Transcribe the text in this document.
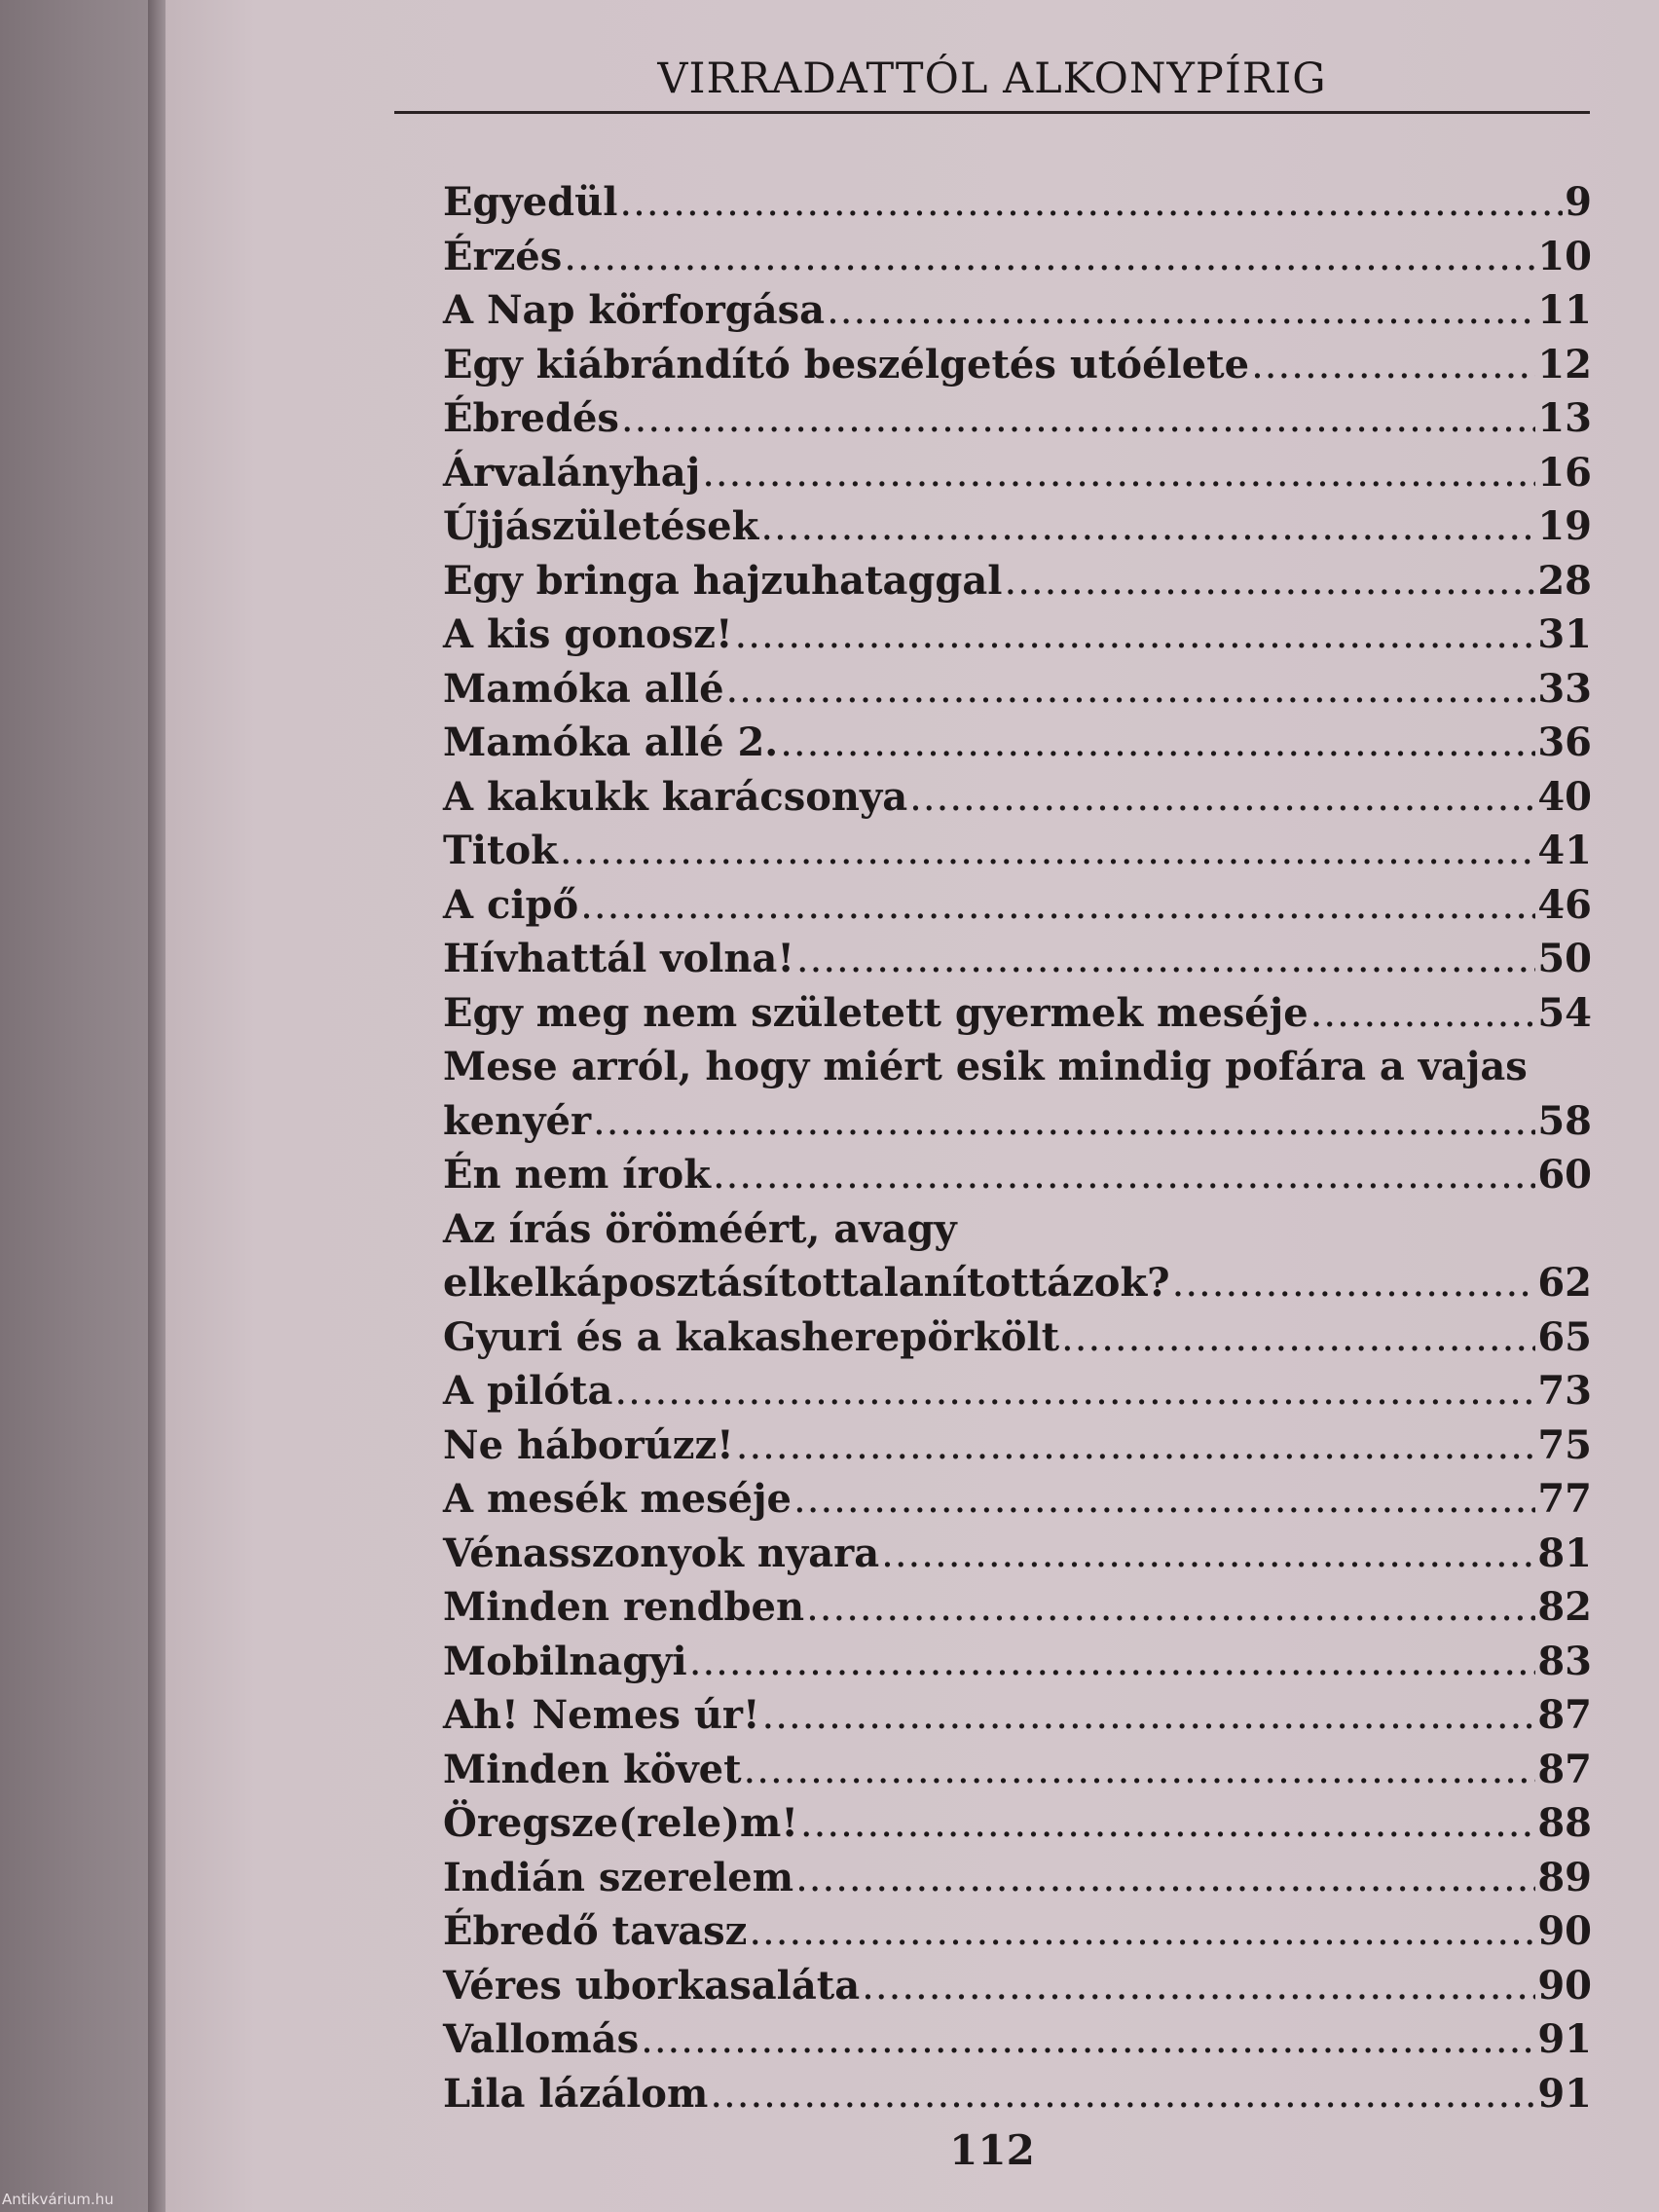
VIRRADATTÓL ALKONYPÍRIG
Egyedül .....	9
Érzés .....	10
A Nap körforgása .....	11
Egy kiábrándító beszélgetés utóélete .....	12
Ébredés .....	13
Árvalányhaj .....	16
Újjászületések .....	19
Egy bringa hajzuhataggal .....	28
A kis gonosz! .....	31
Mamóka allé .....	33
Mamóka allé 2. .....	36
A kakukk karácsonya .....	40
Titok .....	41
A cipő .....	46
Hívhattál volna! .....	50
Egy meg nem született gyermek meséje .....	54
Mese arról, hogy miért esik mindig pofára a vajas
kenyér .....	58
Én nem írok .....	60
Az írás öröméért, avagy
elkelkáposztásítottalanítottázok? .....	62
Gyuri és a kakasherepörkölt .....	65
A pilóta .....	73
Ne háborúzz! .....	75
A mesék meséje .....	77
Vénasszonyok nyara .....	81
Minden rendben .....	82
Mobilnagyi .....	83
Ah! Nemes úr! .....	87
Minden követ .....	87
Öregsze(rele)m! .....	88
Indián szerelem .....	89
Ébredő tavasz .....	90
Véres uborkasaláta .....	90
Vallomás .....	91
Lila lázálom .....	91
112
Antikvárium.hu
